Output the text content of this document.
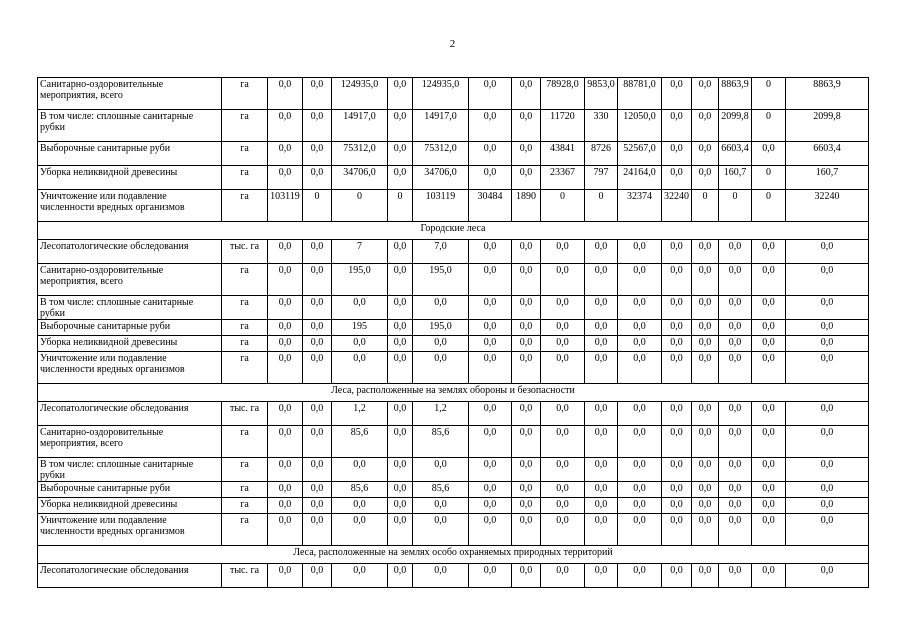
2
Санитарно-оздоровительные мероприятия, всего	га	0,0	0,0	124935,0	0,0	124935,0	0,0	0,0	78928,0	9853,0	88781,0	0,0	0,0	8863,9	0	8863,9
В том числе: сплошные санитарные рубки	га	0,0	0,0	14917,0	0,0	14917,0	0,0	0,0	11720	330	12050,0	0,0	0,0	2099,8	0	2099,8
Выборочные санитарные руби	га	0,0	0,0	75312,0	0,0	75312,0	0,0	0,0	43841	8726	52567,0	0,0	0,0	6603,4	0,0	6603,4
Уборка неликвидной древесины	га	0,0	0,0	34706,0	0,0	34706,0	0,0	0,0	23367	797	24164,0	0,0	0,0	160,7	0	160,7
Уничтожение или подавление численности вредных организмов	га	103119	0	0	0	103119	30484	1890	0	0	32374	32240	0	0	0	32240
Городские леса																
Лесопатологические обследования	тыс. га	0,0	0,0	7	0,0	7,0	0,0	0,0	0,0	0,0	0,0	0,0	0,0	0,0	0,0	0,0
Санитарно-оздоровительные мероприятия, всего	га	0,0	0,0	195,0	0,0	195,0	0,0	0,0	0,0	0,0	0,0	0,0	0,0	0,0	0,0	0,0
В том числе: сплошные санитарные рубки	га	0,0	0,0	0,0	0,0	0,0	0,0	0,0	0,0	0,0	0,0	0,0	0,0	0,0	0,0	0,0
Выборочные санитарные руби	га	0,0	0,0	195	0,0	195,0	0,0	0,0	0,0	0,0	0,0	0,0	0,0	0,0	0,0	0,0
Уборка неликвидной древесины	га	0,0	0,0	0,0	0,0	0,0	0,0	0,0	0,0	0,0	0,0	0,0	0,0	0,0	0,0	0,0
Уничтожение или подавление численности вредных организмов	га	0,0	0,0	0,0	0,0	0,0	0,0	0,0	0,0	0,0	0,0	0,0	0,0	0,0	0,0	0,0
Леса, расположенные на землях обороны и безопасности																
Лесопатологические обследования	тыс. га	0,0	0,0	1,2	0,0	1,2	0,0	0,0	0,0	0,0	0,0	0,0	0,0	0,0	0,0	0,0
Санитарно-оздоровительные мероприятия, всего	га	0,0	0,0	85,6	0,0	85,6	0,0	0,0	0,0	0,0	0,0	0,0	0,0	0,0	0,0	0,0
В том числе: сплошные санитарные рубки	га	0,0	0,0	0,0	0,0	0,0	0,0	0,0	0,0	0,0	0,0	0,0	0,0	0,0	0,0	0,0
Выборочные санитарные руби	га	0,0	0,0	85,6	0,0	85,6	0,0	0,0	0,0	0,0	0,0	0,0	0,0	0,0	0,0	0,0
Уборка неликвидной древесины	га	0,0	0,0	0,0	0,0	0,0	0,0	0,0	0,0	0,0	0,0	0,0	0,0	0,0	0,0	0,0
Уничтожение или подавление численности вредных организмов	га	0,0	0,0	0,0	0,0	0,0	0,0	0,0	0,0	0,0	0,0	0,0	0,0	0,0	0,0	0,0
Леса, расположенные на землях особо охраняемых природных территорий																
Лесопатологические обследования	тыс. га	0,0	0,0	0,0	0,0	0,0	0,0	0,0	0,0	0,0	0,0	0,0	0,0	0,0	0,0	0,0
